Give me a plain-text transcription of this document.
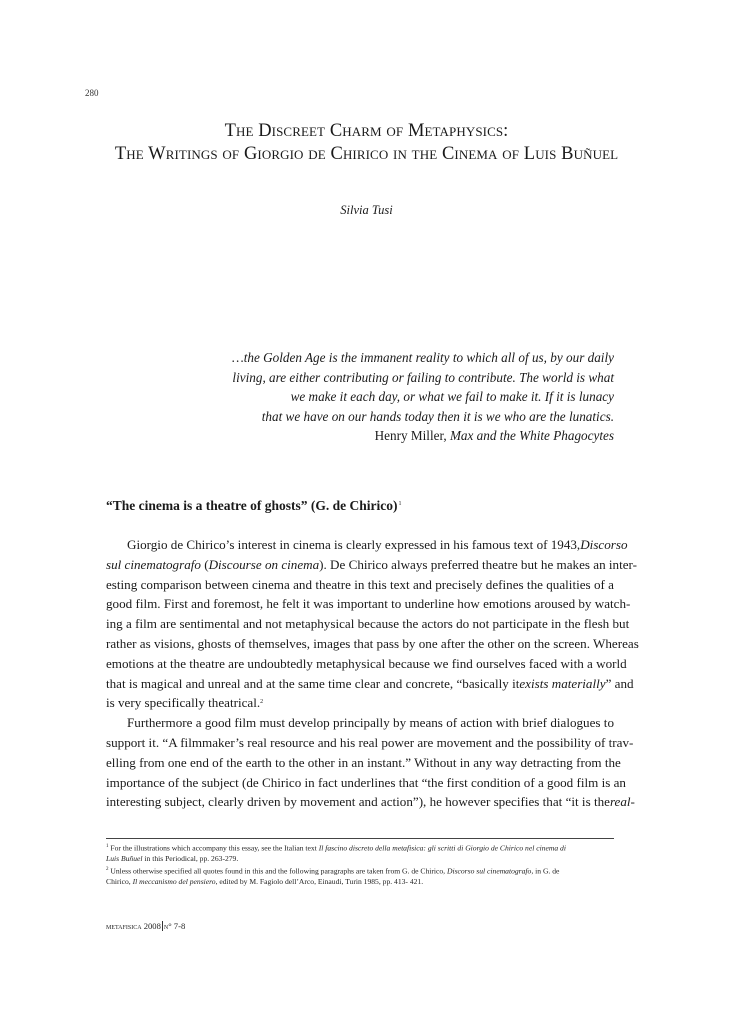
280
The Discreet Charm of Metaphysics:
The Writings of Giorgio de Chirico in the Cinema of Luis Buñuel
Silvia Tusi
…the Golden Age is the immanent reality to which all of us, by our daily
living, are either contributing or failing to contribute. The world is what
we make it each day, or what we fail to make it. If it is lunacy
that we have on our hands today then it is we who are the lunatics.
Henry Miller, Max and the White Phagocytes
“The cinema is a theatre of ghosts” (G. de Chirico)$^1$
Giorgio de Chirico’s interest in cinema is clearly expressed in his famous text of 1943, Discorso
sul cinematografo (Discourse on cinema). De Chirico always preferred theatre but he makes an inter-
esting comparison between cinema and theatre in this text and precisely defines the qualities of a
good film. First and foremost, he felt it was important to underline how emotions aroused by watch-
ing a film are sentimental and not metaphysical because the actors do not participate in the flesh but
rather as visions, ghosts of themselves, images that pass by one after the other on the screen. Whereas
emotions at the theatre are undoubtedly metaphysical because we find ourselves faced with a world
that is magical and unreal and at the same time clear and concrete, “basically it exists materially” and
is very specifically theatrical. 2
Furthermore a good film must develop principally by means of action with brief dialogues to
support it. “A filmmaker’s real resource and his real power are movement and the possibility of trav-
elling from one end of the earth to the other in an instant.” Without in any way detracting from the
importance of the subject (de Chirico in fact underlines that “the first condition of a good film is an
interesting subject, clearly driven by movement and action”), he however specifies that “it is the real-
$^1$ For the illustrations which accompany this essay, see the Italian text Il fascino discreto della metafisica: gli scritti di Giorgio de Chirico nel cinema di
Luis Buñuel in this Periodical, pp. 263-279.
$^2$ Unless otherwise specified all quotes found in this and the following paragraphs are taken from G. de Chirico, Discorso sul cinematografo, in G. de
Chirico, Il meccanismo del pensiero, edited by M. Fagiolo dell’Arco, Einaudi, Turin 1985, pp. 413- 421.
metafisica 2008 n° 7-8
